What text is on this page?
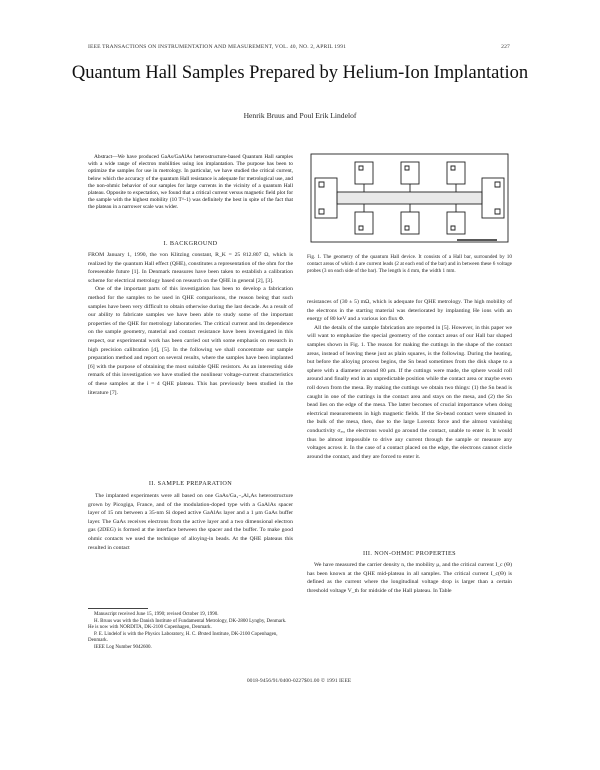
IEEE TRANSACTIONS ON INSTRUMENTATION AND MEASUREMENT, VOL. 40, NO. 2, APRIL 1991	227
Quantum Hall Samples Prepared by Helium-Ion Implantation
Henrik Bruus and Poul Erik Lindelof

Abstract—We have produced GaAs/GaAlAs heterostructure-based Quantum Hall samples with a wide range of electron mobilities using ion implantation. The purpose has been to optimize the samples for use in metrology. In particular, we have studied the critical current, below which the accuracy of the quantum Hall resistance is adequate for metrological use, and the non-ohmic behavior of our samples for large currents in the vicinity of a quantum Hall plateau. Opposite to expectation, we found that a critical current versus magnetic field plot for the sample with the highest mobility (10 T^-1) was definitely the best in spite of the fact that the plateau in a narrower scale was wider.

I. BACKGROUND

FROM January 1, 1990, the von Klitzing constant, R_K = 25 812.807 Ω, which is realized by the quantum Hall effect (QHE), constitutes a representation of the ohm for the foreseeable future [1]. In Denmark measures have been taken to establish a calibration scheme for electrical metrology based on research on the QHE in general [2], [3].

One of the important parts of this investigation has been to develop a fabrication method for the samples to be used in QHE comparisons, the reason being that such samples have been very difficult to obtain otherwise during the last decade. As a result of our ability to fabricate samples we have been able to study some of the important properties of the QHE for metrology laboratories. The critical current and its dependence on the sample geometry, material and contact resistance have been investigated in this respect, our experimental work has been carried out with some emphasis on research in high precision calibration [4], [5]. In the following we shall concentrate our sample preparation method and report on several results, where the samples have been implanted [6] with the purpose of obtaining the most suitable QHE resistors. As an interesting side remark of this investigation we have studied the nonlinear voltage-current characteristics of these samples at the i = 4 QHE plateau. This has previously been studied in the literature [7].

II. SAMPLE PREPARATION

The implanted experiments were all based on one GaAs/Ga₁₋ₓAlₓAs heterostructure grown by Picogiga, France, and of the modulation-doped type with a GaAlAs spacer layer of 15 nm between a 35-nm Si doped active GaAlAs layer and a 1 μm GaAs buffer layer. The GaAs receives electrons from the active layer and a two dimensional electron gas (2DEG) is formed at the interface between the spacer and the buffer. To make good ohmic contacts we used the technique of alloying-in beads. At the QHE plateaus this resulted in contact

Manuscript received June 15, 1990; revised October 19, 1990.

H. Bruus was with the Danish Institute of Fundamental Metrology, DK-2800 Lyngby, Denmark. He is now with NORDITA, DK-2100 Copenhagen, Denmark.

P. E. Lindelof is with the Physics Laboratory, H. C. Ørsted Institute, DK-2100 Copenhagen, Denmark.

IEEE Log Number 9042600.

Fig. 1. The geometry of the quantum Hall device. It consists of a Hall bar, surrounded by 10 contact areas of which 4 are current leads (2 at each end of the bar) and in between these 6 voltage probes (3 on each side of the bar). The length is 4 mm, the width 1 mm.

resistances of (30 ± 5) mΩ, which is adequate for QHE metrology. The high mobility of the electrons in the starting material was deteriorated by implanting He ions with an energy of 80 keV and a various ion flux Φ.

All the details of the sample fabrication are reported in [5]. However, in this paper we will want to emphasize the special geometry of the contact areas of our Hall bar shaped samples shown in Fig. 1. The reason for making the cuttings in the shape of the contact areas, instead of leaving these just as plain squares, is the following. During the heating, but before the alloying process begins, the Sn bead sometimes from the disk shape to a sphere with a diameter around 80 μm. If the cuttings were made, the sphere would roll around and finally end in an unpredictable position while the contact area or maybe even roll down from the mesa. By making the cuttings we obtain two things: (1) the Sn bead is caught in one of the cuttings in the contact area and stays on the mesa, and (2) the Sn bead lies on the edge of the mesa. The latter becomes of crucial importance when doing electrical measurements in high magnetic fields. If the Sn-bead contact were situated in the bulk of the mesa, then, due to the large Lorentz force and the almost vanishing conductivity σₓₓ, the electrons would go around the contact, unable to enter it. It would thus be almost impossible to drive any current through the sample or measure any voltages across it. In the case of a contact placed on the edge, the electrons cannot circle around the contact, and they are forced to enter it.

III. NON-OHMIC PROPERTIES

We have measured the carrier density n, the mobility μ, and the critical current I_c (Θ) has been known at the QHE mid-plateau in all samples. The critical current I_c(Θ) is defined as the current where the longitudinal voltage drop is larger than a certain threshold voltage V_th for midside of the Hall plateau. In Table

0018-9456/91/0400-0227$01.00 © 1991 IEEE
